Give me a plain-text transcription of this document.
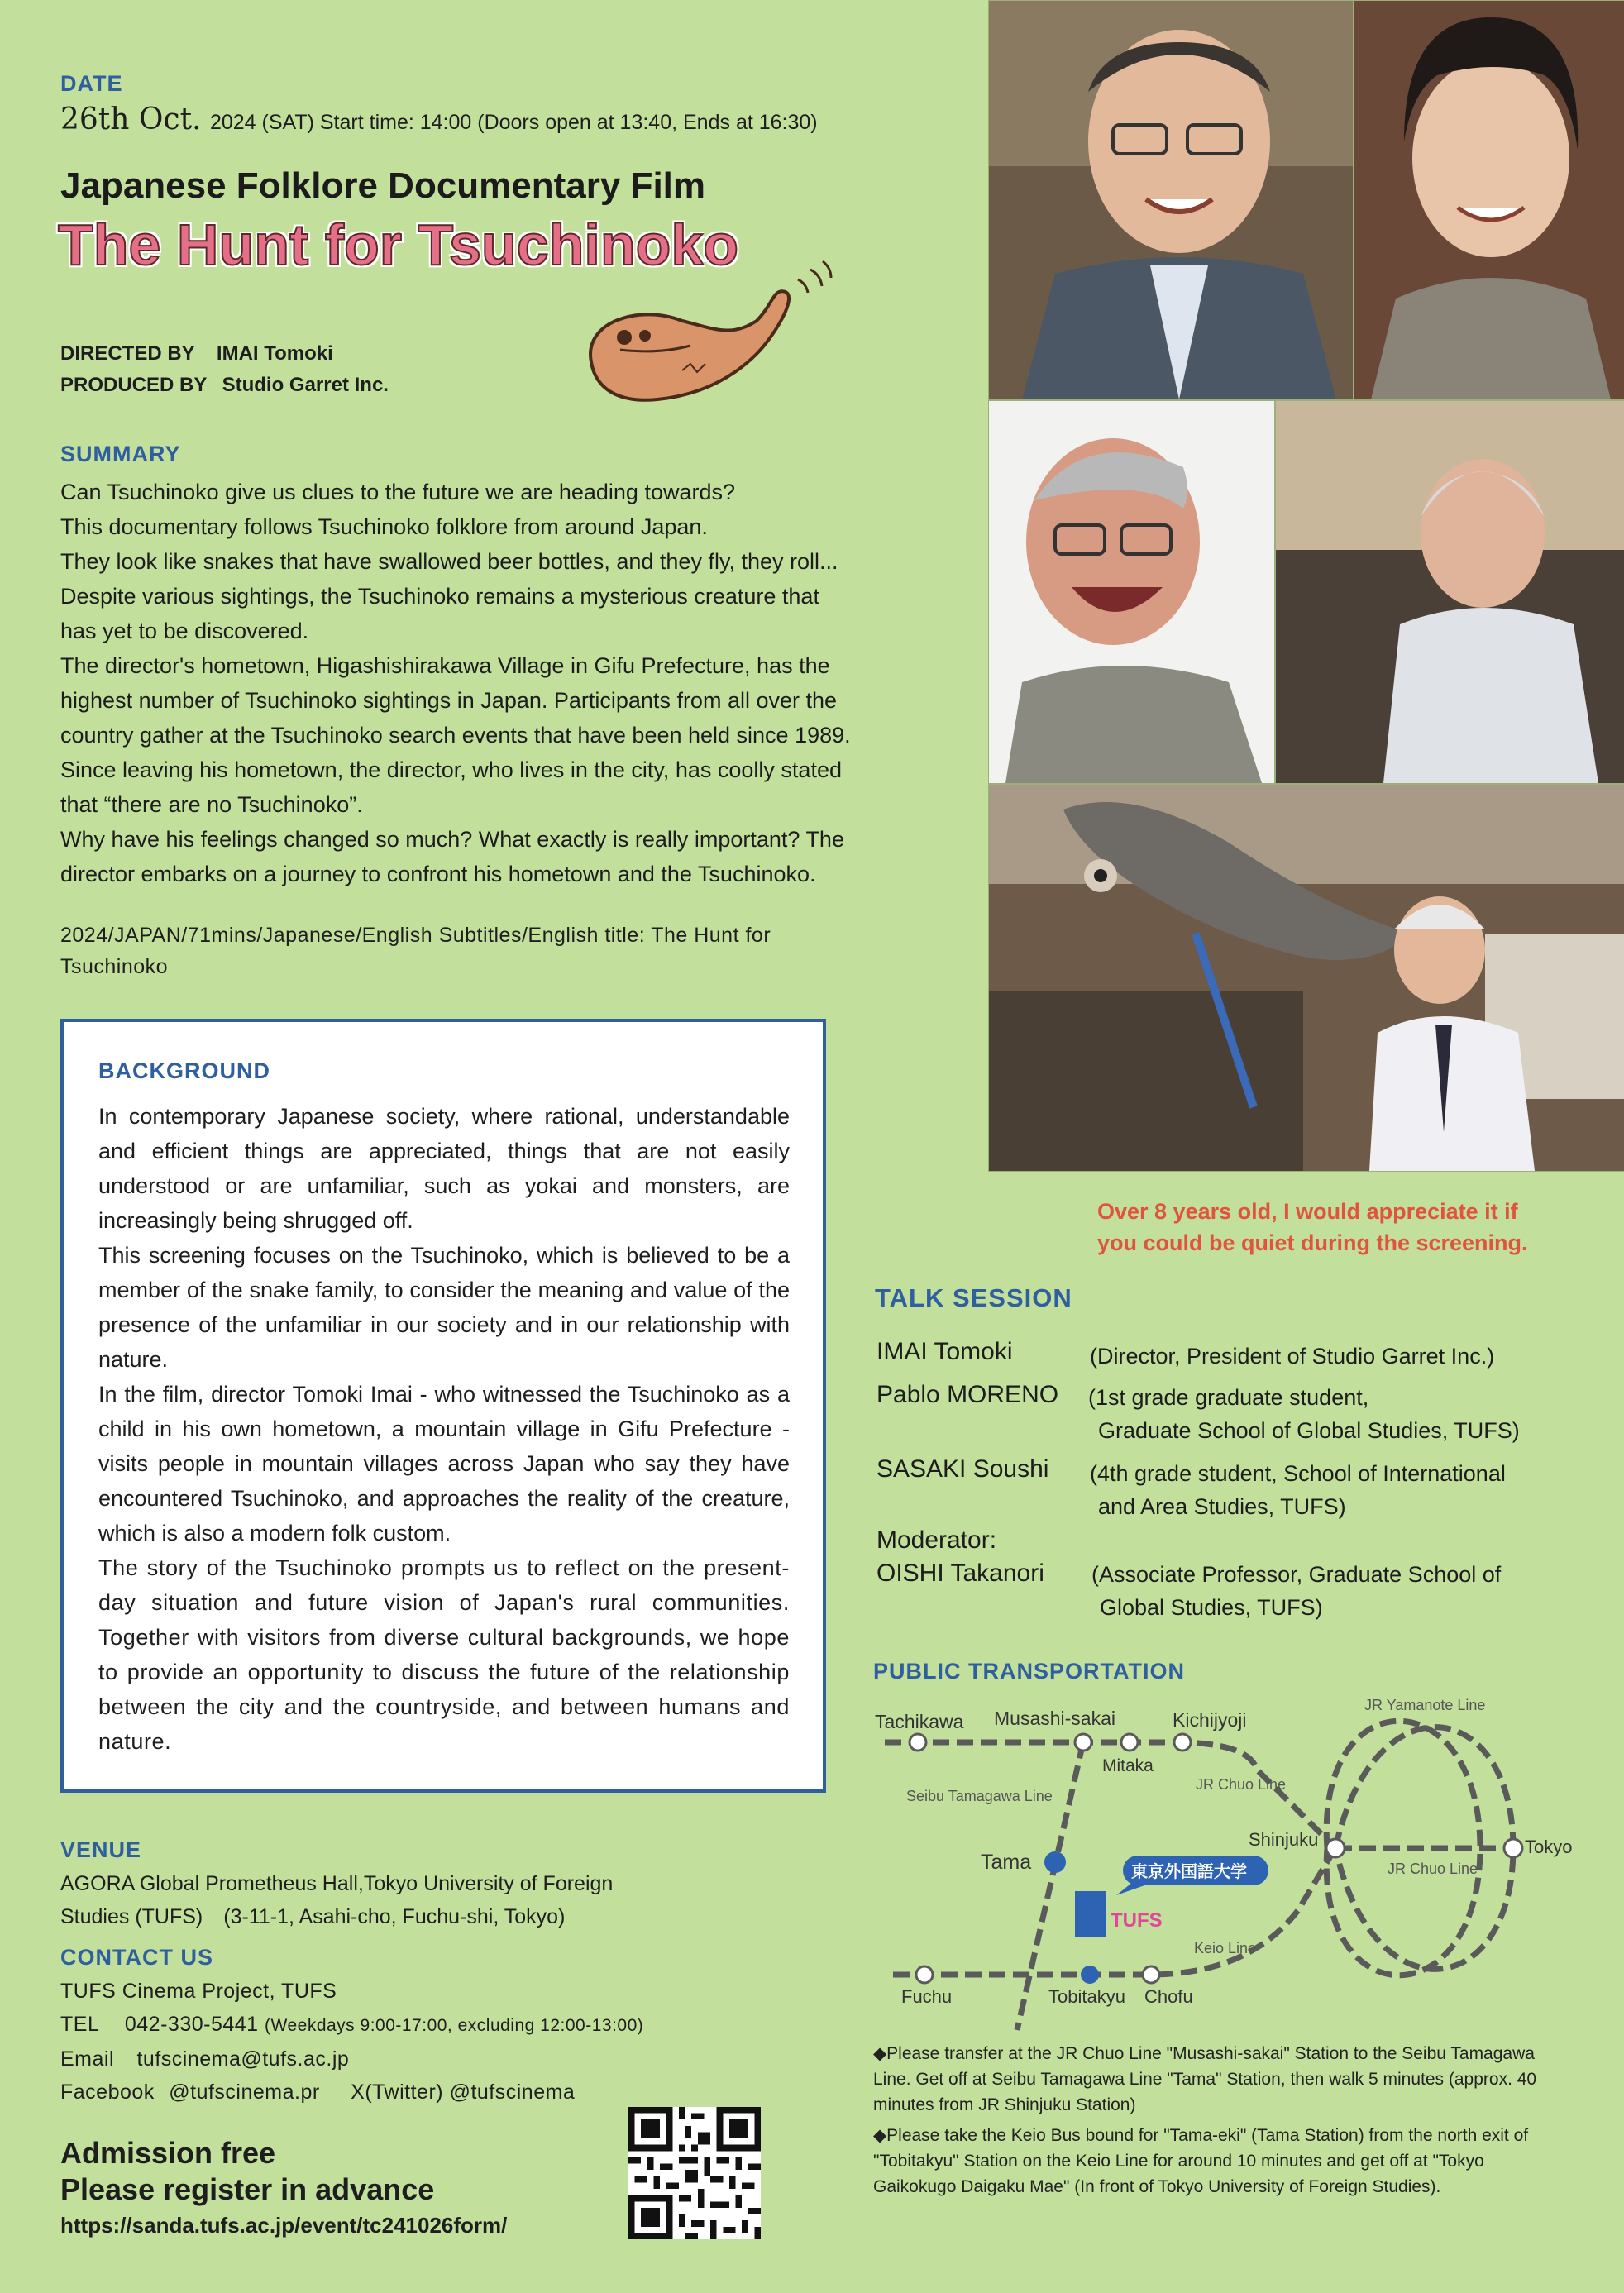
DATE
26th Oct. 2024 (SAT) Start time: 14:00 (Doors open at 13:40, Ends at 16:30)
Japanese Folklore Documentary Film
The Hunt for Tsuchinoko
DIRECTED BY IMAI Tomoki
PRODUCED BY Studio Garret Inc.
SUMMARY
Can Tsuchinoko give us clues to the future we are heading towards?
This documentary follows Tsuchinoko folklore from around Japan.
They look like snakes that have swallowed beer bottles, and they fly, they roll...
Despite various sightings, the Tsuchinoko remains a mysterious creature that
has yet to be discovered.
The director's hometown, Higashishirakawa Village in Gifu Prefecture, has the
highest number of Tsuchinoko sightings in Japan. Participants from all over the
country gather at the Tsuchinoko search events that have been held since 1989.
Since leaving his hometown, the director, who lives in the city, has coolly stated
that “there are no Tsuchinoko”.
Why have his feelings changed so much? What exactly is really important? The
director embarks on a journey to confront his hometown and the Tsuchinoko.
2024/JAPAN/71mins/Japanese/English Subtitles/English title: The Hunt for
Tsuchinoko
BACKGROUND

In contemporary Japanese society, where rational, understandable and efficient things are appreciated, things that are not easily understood or are unfamiliar, such as yokai and monsters, are increasingly being shrugged off.

This screening focuses on the Tsuchinoko, which is believed to be a member of the snake family, to consider the meaning and value of the presence of the unfamiliar in our society and in our relationship with nature.

In the film, director Tomoki Imai - who witnessed the Tsuchinoko as a child in his own hometown, a mountain village in Gifu Prefecture - visits people in mountain villages across Japan who say they have encountered Tsuchinoko, and approaches the reality of the creature, which is also a modern folk custom.

The story of the Tsuchinoko prompts us to reflect on the present-day situation and future vision of Japan's rural communities. Together with visitors from diverse cultural backgrounds, we hope to provide an opportunity to discuss the future of the relationship between the city and the countryside, and between humans and nature.

VENUE
AGORA Global Prometheus Hall,Tokyo University of Foreign
Studies (TUFS)　(3-11-1, Asahi-cho, Fuchu-shi, Tokyo)
CONTACT US
TUFS Cinema Project, TUFS
TEL 042-330-5441 (Weekdays 9:00-17:00, excluding 12:00-13:00)
Email tufscinema@tufs.ac.jp
Facebook @tufscinema.pr X(Twitter) @tufscinema
Admission free
Please register in advance
https://sanda.tufs.ac.jp/event/tc241026form/
Over 8 years old, I would appreciate it if
you could be quiet during the screening.
TALK SESSION
IMAI Tomoki	(Director, President of Studio Garret Inc.)
Pablo MORENO (1st grade graduate student,
Graduate School of Global Studies, TUFS)
SASAKI Soushi (4th grade student, School of International
and Area Studies, TUFS)
Moderator:
OISHI Takanori (Associate Professor, Graduate School of
Global Studies, TUFS)
PUBLIC TRANSPORTATION
Tachikawa Musashi-sakai	Kichijyoji
Mitaka
JR Yamanote Line
JR Chuo Line
JR Chuo Line
Seibu Tamagawa Line
Tama
Shinjuku	Tokyo
東京外国語大学
TUFS
Keio Line
Fuchu	Tobitakyu Chofu
◆Please transfer at the JR Chuo Line "Musashi-sakai" Station to the Seibu Tamagawa Line. Get off at Seibu Tamagawa Line "Tama" Station, then walk 5 minutes (approx. 40 minutes from JR Shinjuku Station)
◆Please take the Keio Bus bound for "Tama-eki" (Tama Station) from the north exit of "Tobitakyu" Station on the Keio Line for around 10 minutes and get off at "Tokyo Gaikokugo Daigaku Mae" (In front of Tokyo University of Foreign Studies).
